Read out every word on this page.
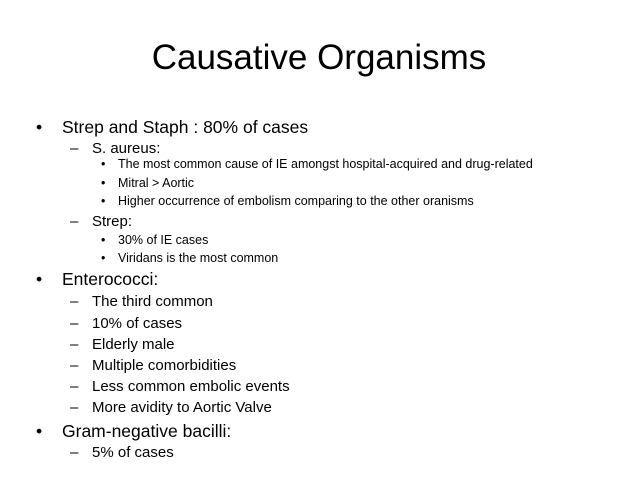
Causative Organisms
• Strep and Staph : 80% of cases
– S. aureus:
• The most common cause of IE amongst hospital-acquired and drug-related
• Mitral > Aortic
• Higher occurrence of embolism comparing to the other oranisms
– Strep:
• 30% of IE cases
• Viridans is the most common
• Enterococci:
– The third common
– 10% of cases
– Elderly male
– Multiple comorbidities
– Less common embolic events
– More avidity to Aortic Valve
• Gram-negative bacilli:
– 5% of cases
